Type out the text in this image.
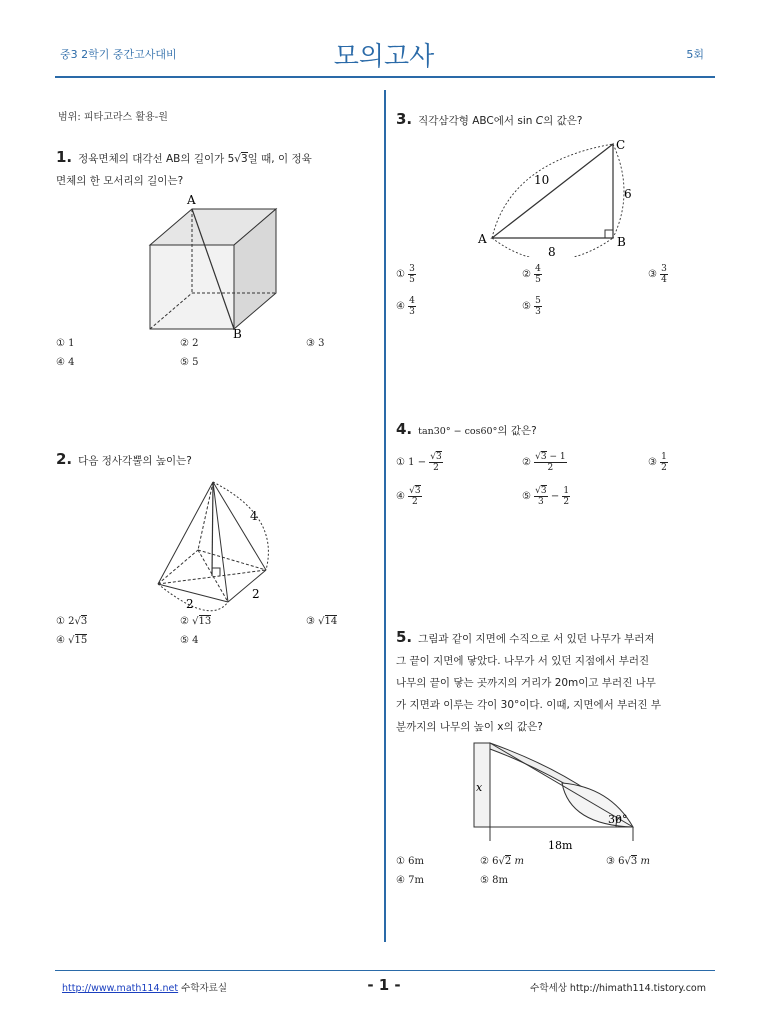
중3 2학기 중간고사대비	모의고사	5회
범위: 피타고라스 활용-원
1. 정육면체의 대각선 AB의 길이가 5√3일 때, 이 정육
면체의 한 모서리의 길이는?
A
B
① 1	② 2	③ 3
④ 4	⑤ 5
2. 다음 정사각뿔의 높이는?
4
2
2
3. 직각삼각형 ABC에서 sin C의 값은?
A	B
C
10
6
8
4. tan30° − cos60°의 값은?
① $1 - \frac{√3}{2}$	② $\frac{√3 - 1}{2}$	③ $\frac{1}{2}$
④ $\frac{√3}{2}$	⑤ $\frac{√3}{3} - \frac{1}{2}$
5. 그림과 같이 지면에 수직으로 서 있던 나무가 부러져
그 끝이 지면에 닿았다. 나무가 서 있던 지점에서 부러진
나무의 끝이 닿는 곳까지의 거리가 20m이고 부러진 나무
가 지면과 이루는 각이 30°이다. 이때, 지면에서 부러진 부
분까지의 나무의 높이 x의 값은?
x
30°
18m
① 6m	② 6√2 m	③ 6√3 m
④ 7m	⑤ 8m
http://www.math114.net 수학자료실	- 1 -	수학세상 http://himath114.tistory.com
① 2√3	② √13	③ √14
④ √15	⑤ 4
① $\frac{3}{5}$	② $\frac{4}{5}$	③ $\frac{3}{4}$
④ $\frac{4}{3}$	⑤ $\frac{5}{3}$
